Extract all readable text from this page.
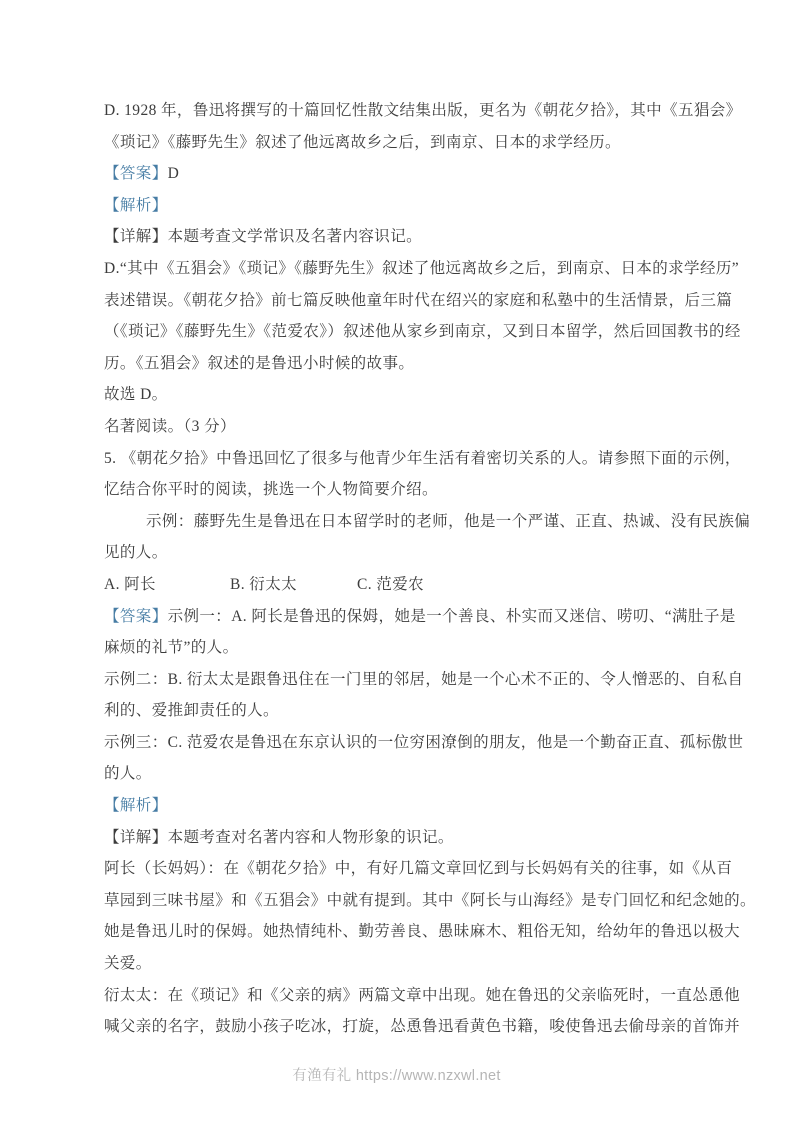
D. 1928 年，鲁迅将撰写的十篇回忆性散文结集出版，更名为《朝花夕拾》，其中《五猖会》
《琐记》《藤野先生》叙述了他远离故乡之后，到南京、日本的求学经历。
【答案】D
【解析】
【详解】本题考查文学常识及名著内容识记。
D.“其中《五猖会》《琐记》《藤野先生》叙述了他远离故乡之后，到南京、日本的求学经历”
表述错误。《朝花夕拾》前七篇反映他童年时代在绍兴的家庭和私塾中的生活情景，后三篇
（《琐记》《藤野先生》《范爱农》）叙述他从家乡到南京，又到日本留学，然后回国教书的经
历。《五猖会》叙述的是鲁迅小时候的故事。
故选 D。
名著阅读。（3 分）
5. 《朝花夕拾》中鲁迅回忆了很多与他青少年生活有着密切关系的人。请参照下面的示例，
忆结合你平时的阅读，挑选一个人物简要介绍。
示例：藤野先生是鲁迅在日本留学时的老师，他是一个严谨、正直、热诚、没有民族偏
见的人。
A. 阿长	B. 衍太太	C. 范爱农
【答案】示例一：A. 阿长是鲁迅的保姆，她是一个善良、朴实而又迷信、唠叨、“满肚子是
麻烦的礼节”的人。
示例二：B. 衍太太是跟鲁迅住在一门里的邻居，她是一个心术不正的、令人憎恶的、自私自
利的、爱推卸责任的人。
示例三：C. 范爱农是鲁迅在东京认识的一位穷困潦倒的朋友，他是一个勤奋正直、孤标傲世
的人。
【解析】
【详解】本题考查对名著内容和人物形象的识记。
阿长（长妈妈）：在《朝花夕拾》中，有好几篇文章回忆到与长妈妈有关的往事，如《从百
草园到三味书屋》和《五猖会》中就有提到。其中《阿长与山海经》是专门回忆和纪念她的。
她是鲁迅儿时的保姆。她热情纯朴、勤劳善良、愚昧麻木、粗俗无知，给幼年的鲁迅以极大
关爱。
衍太太：在《琐记》和《父亲的病》两篇文章中出现。她在鲁迅的父亲临死时，一直怂恿他
喊父亲的名字，鼓励小孩子吃冰，打旋，怂恿鲁迅看黄色书籍，唆使鲁迅去偷母亲的首饰并
有渔有礼 https://www.nzxwl.net
